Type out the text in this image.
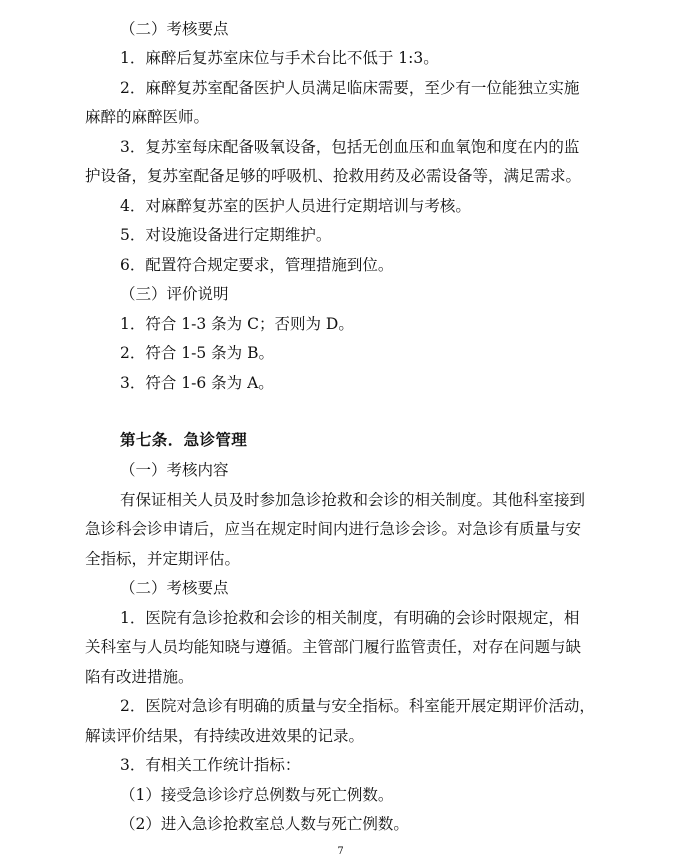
（二）考核要点
1．麻醉后复苏室床位与手术台比不低于 1:3。
2．麻醉复苏室配备医护人员满足临床需要，至少有一位能独立实施
麻醉的麻醉医师。
3．复苏室每床配备吸氧设备，包括无创血压和血氧饱和度在内的监
护设备，复苏室配备足够的呼吸机、抢救用药及必需设备等，满足需求。
4．对麻醉复苏室的医护人员进行定期培训与考核。
5．对设施设备进行定期维护。
6．配置符合规定要求，管理措施到位。
（三）评价说明
1．符合 1-3 条为 C；否则为 D。
2．符合 1-5 条为 B。
3．符合 1-6 条为 A。
第七条．急诊管理
（一）考核内容
有保证相关人员及时参加急诊抢救和会诊的相关制度。其他科室接到
急诊科会诊申请后，应当在规定时间内进行急诊会诊。对急诊有质量与安
全指标，并定期评估。
（二）考核要点
1．医院有急诊抢救和会诊的相关制度，有明确的会诊时限规定，相
关科室与人员均能知晓与遵循。主管部门履行监管责任，对存在问题与缺
陷有改进措施。
2．医院对急诊有明确的质量与安全指标。科室能开展定期评价活动，
解读评价结果，有持续改进效果的记录。
3．有相关工作统计指标：
（1）接受急诊诊疗总例数与死亡例数。
（2）进入急诊抢救室总人数与死亡例数。
7
